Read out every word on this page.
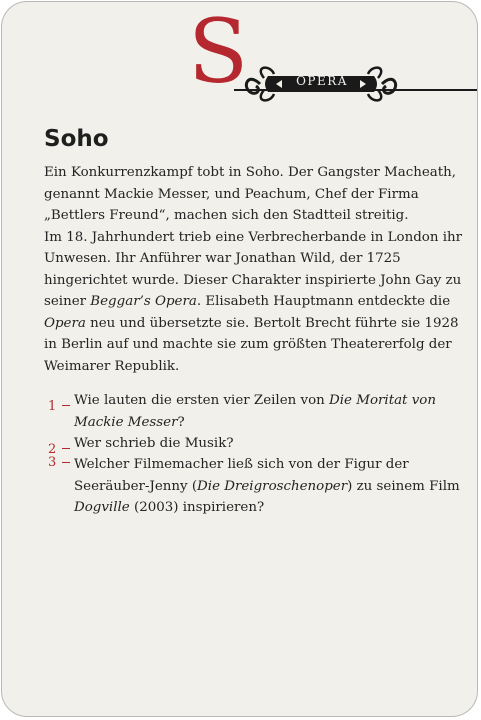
S	OPERA
Soho

Ein Konkurrenzkampf tobt in Soho. Der Gangster Macheath, genannt Mackie Messer, und Peachum, Chef der Firma „Bettlers Freund“, machen sich den Stadtteil streitig.

Im 18. Jahrhundert trieb eine Verbrecherbande in London ihr Unwesen. Ihr Anführer war Jonathan Wild, der 1725 hingerichtet wurde. Dieser Charakter inspirierte John Gay zu seiner Beggar’s Opera. Elisabeth Hauptmann entdeckte die Opera neu und übersetzte sie. Bertolt Brecht führte sie 1928 in Berlin auf und machte sie zum größten Theatererfolg der Weimarer Republik.

1 Wie lauten die ersten vier Zeilen von Die Moritat von Mackie Messer?
2 Wer schrieb die Musik?
3 Welcher Filmemacher ließ sich von der Figur der Seeräuber-Jenny (Die Dreigroschenoper) zu seinem Film Dogville (2003) inspirieren?
